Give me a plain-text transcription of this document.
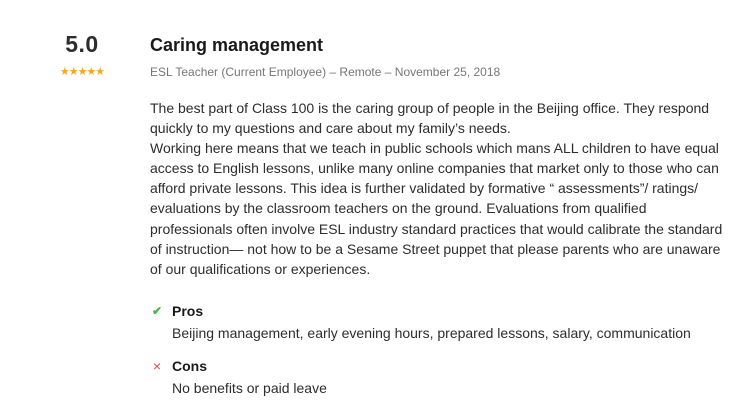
5.0
★★★★★
Caring management
ESL Teacher (Current Employee) – Remote – November 25, 2018

The best part of Class 100 is the caring group of people in the Beijing office. They respond quickly to my questions and care about my family’s needs.

Working here means that we teach in public schools which mans ALL children to have equal access to English lessons, unlike many online companies that market only to those who can afford private lessons. This idea is further validated by formative “ assessments”/ ratings/ evaluations by the classroom teachers on the ground. Evaluations from qualified professionals often involve ESL industry standard practices that would calibrate the standard of instruction— not how to be a Sesame Street puppet that please parents who are unaware of our qualifications or experiences.

✔ Pros
Beijing management, early evening hours, prepared lessons, salary, communication
× Cons
No benefits or paid leave
